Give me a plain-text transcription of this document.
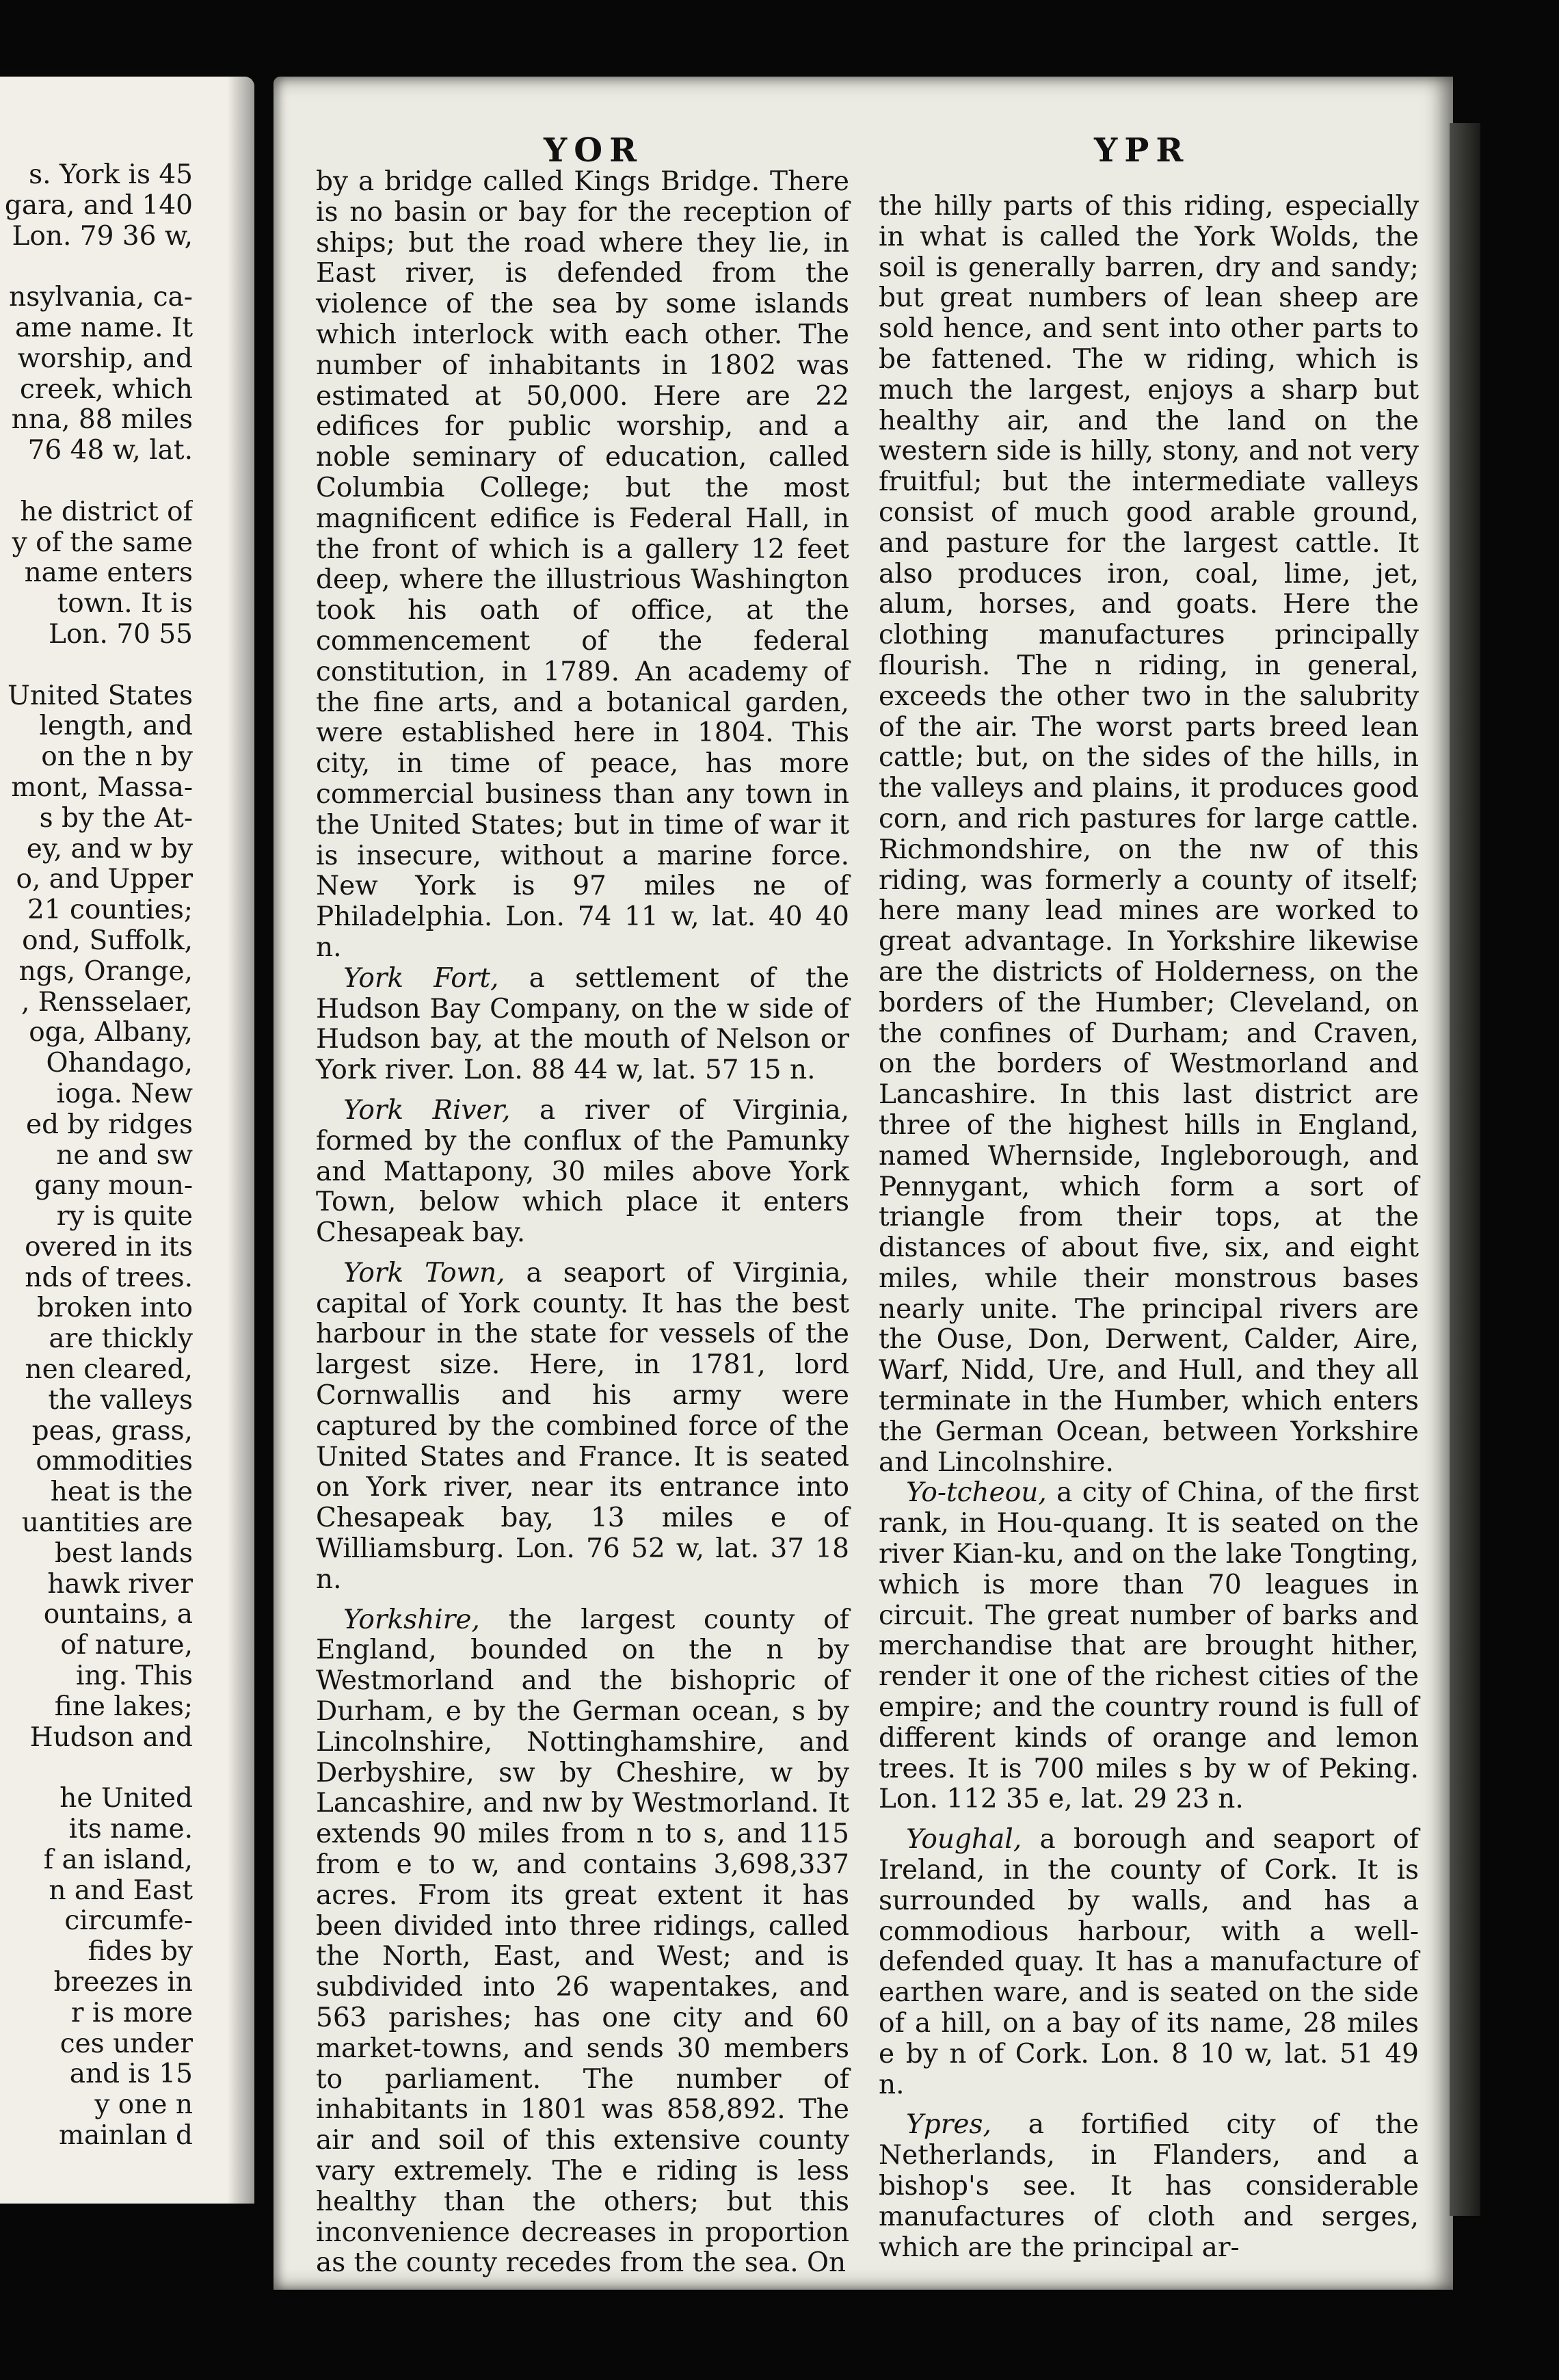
s. York is 45
gara, and 140
Lon. 79 36 w,
nsylvania, ca-
ame name. It
worship, and
creek, which
nna, 88 miles
76 48 w, lat.
he district of
y of the same
name enters
town. It is
Lon. 70 55
United States
length, and
on the n by
mont, Massa-
s by the At-
ey, and w by
o, and Upper
21 counties;
ond, Suffolk,
ngs, Orange,
, Rensselaer,
oga, Albany,
Ohandago,
ioga. New
ed by ridges
ne and sw
gany moun-
ry is quite
overed in its
nds of trees.
broken into
are thickly
nen cleared,
the valleys
peas, grass,
ommodities
heat is the
uantities are
best lands
hawk river
ountains, a
of nature,
ing. This
fine lakes;
Hudson and
he United
its name.
f an island,
n and East
circumfe-
fides by
breezes in
r is more
ces under
and is 15
y one n
mainlan d
YOR	YPR

by a bridge called Kings Bridge. There is no basin or bay for the reception of ships; but the road where they lie, in East river, is defended from the violence of the sea by some islands which interlock with each other. The number of inhabitants in 1802 was estimated at 50,000. Here are 22 edifices for public worship, and a noble seminary of education, called Columbia College; but the most magnificent edifice is Federal Hall, in the front of which is a gallery 12 feet deep, where the illustrious Washington took his oath of office, at the commencement of the federal constitution, in 1789. An academy of the fine arts, and a botanical garden, were established here in 1804. This city, in time of peace, has more commercial business than any town in the United States; but in time of war it is insecure, without a marine force. New York is 97 miles ne of Philadelphia. Lon. 74 11 w, lat. 40 40 n.

York Fort, a settlement of the Hudson Bay Company, on the w side of Hudson bay, at the mouth of Nelson or York river. Lon. 88 44 w, lat. 57 15 n.

York River, a river of Virginia, formed by the conflux of the Pamunky and Mattapony, 30 miles above York Town, below which place it enters Chesapeak bay.

York Town, a seaport of Virginia, capital of York county. It has the best harbour in the state for vessels of the largest size. Here, in 1781, lord Cornwallis and his army were captured by the combined force of the United States and France. It is seated on York river, near its entrance into Chesapeak bay, 13 miles e of Williamsburg. Lon. 76 52 w, lat. 37 18 n.

Yorkshire, the largest county of England, bounded on the n by Westmorland and the bishopric of Durham, e by the German ocean, s by Lincolnshire, Nottinghamshire, and Derbyshire, sw by Cheshire, w by Lancashire, and nw by Westmorland. It extends 90 miles from n to s, and 115 from e to w, and contains 3,698,337 acres. From its great extent it has been divided into three ridings, called the North, East, and West; and is subdivided into 26 wapentakes, and 563 parishes; has one city and 60 market-towns, and sends 30 members to parliament. The number of inhabitants in 1801 was 858,892. The air and soil of this extensive county vary extremely. The e riding is less healthy than the others; but this inconvenience decreases in proportion as the county recedes from the sea. On

the hilly parts of this riding, especially in what is called the York Wolds, the soil is generally barren, dry and sandy; but great numbers of lean sheep are sold hence, and sent into other parts to be fattened. The w riding, which is much the largest, enjoys a sharp but healthy air, and the land on the western side is hilly, stony, and not very fruitful; but the intermediate valleys consist of much good arable ground, and pasture for the largest cattle. It also produces iron, coal, lime, jet, alum, horses, and goats. Here the clothing manufactures principally flourish. The n riding, in general, exceeds the other two in the salubrity of the air. The worst parts breed lean cattle; but, on the sides of the hills, in the valleys and plains, it produces good corn, and rich pastures for large cattle. Richmondshire, on the nw of this riding, was formerly a county of itself; here many lead mines are worked to great advantage. In Yorkshire likewise are the districts of Holderness, on the borders of the Humber; Cleveland, on the confines of Durham; and Craven, on the borders of Westmorland and Lancashire. In this last district are three of the highest hills in England, named Whernside, Ingleborough, and Pennygant, which form a sort of triangle from their tops, at the distances of about five, six, and eight miles, while their monstrous bases nearly unite. The principal rivers are the Ouse, Don, Derwent, Calder, Aire, Warf, Nidd, Ure, and Hull, and they all terminate in the Humber, which enters the German Ocean, between Yorkshire and Lincolnshire.

Yo-tcheou, a city of China, of the first rank, in Hou-quang. It is seated on the river Kian-ku, and on the lake Tongting, which is more than 70 leagues in circuit. The great number of barks and merchandise that are brought hither, render it one of the richest cities of the empire; and the country round is full of different kinds of orange and lemon trees. It is 700 miles s by w of Peking. Lon. 112 35 e, lat. 29 23 n.

Youghal, a borough and seaport of Ireland, in the county of Cork. It is surrounded by walls, and has a commodious harbour, with a well-defended quay. It has a manufacture of earthen ware, and is seated on the side of a hill, on a bay of its name, 28 miles e by n of Cork. Lon. 8 10 w, lat. 51 49 n.

Ypres, a fortified city of the Netherlands, in Flanders, and a bishop's see. It has considerable manufactures of cloth and serges, which are the principal ar-
